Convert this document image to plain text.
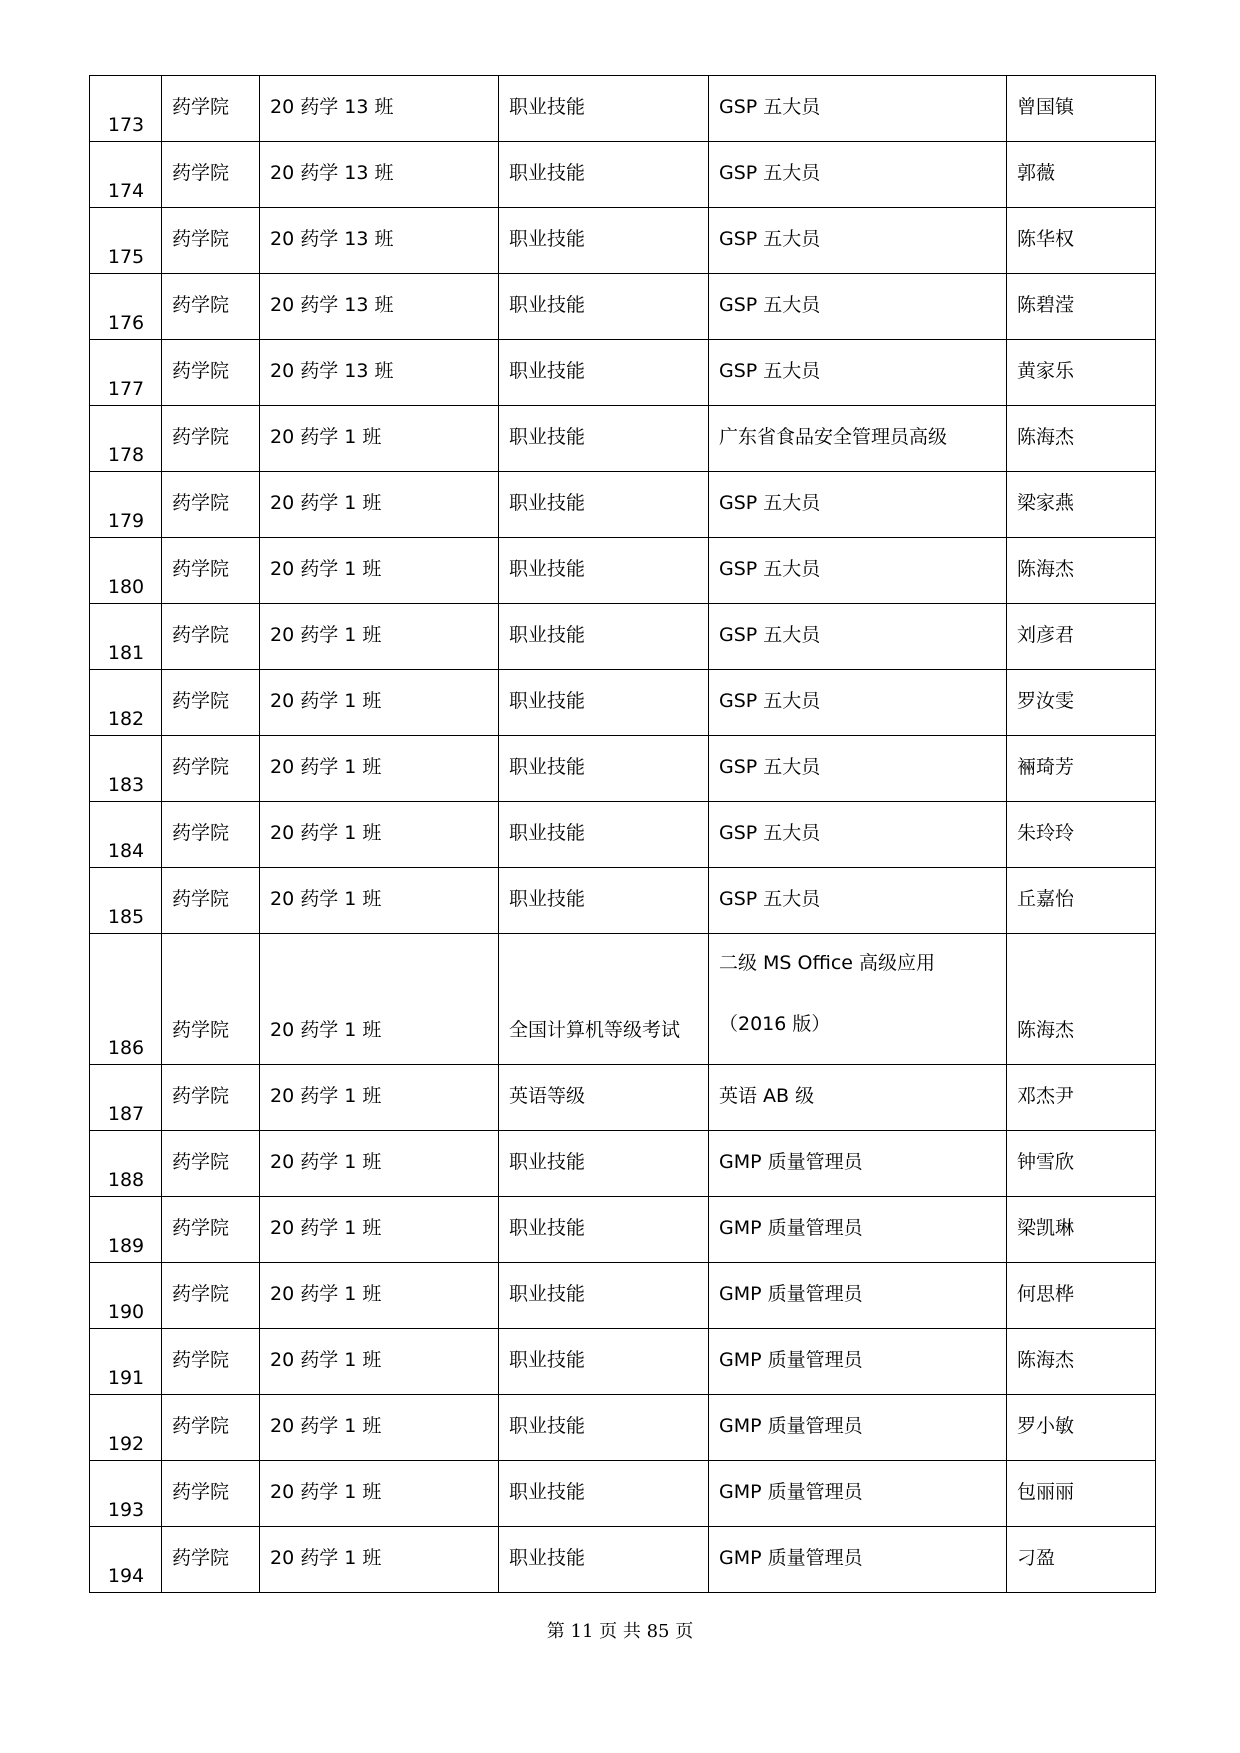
173	药学院	20 药学 13 班	职业技能	GSP 五大员	曾国镇

174	药学院	20 药学 13 班	职业技能	GSP 五大员	郭薇

175	药学院	20 药学 13 班	职业技能	GSP 五大员	陈华权

176	药学院	20 药学 13 班	职业技能	GSP 五大员	陈碧滢

177	药学院	20 药学 13 班	职业技能	GSP 五大员	黄家乐

178	药学院	20 药学 1 班	职业技能	广东省食品安全管理员高级	陈海杰

179	药学院	20 药学 1 班	职业技能	GSP 五大员	梁家燕

180	药学院	20 药学 1 班	职业技能	GSP 五大员	陈海杰

181	药学院	20 药学 1 班	职业技能	GSP 五大员	刘彦君

182	药学院	20 药学 1 班	职业技能	GSP 五大员	罗汝雯

183	药学院	20 药学 1 班	职业技能	GSP 五大员	裲琦芳

184	药学院	20 药学 1 班	职业技能	GSP 五大员	朱玲玲

185	药学院	20 药学 1 班	职业技能	GSP 五大员	丘嘉怡

186	药学院	20 药学 1 班	全国计算机等级考试	二级 MS Office 高级应用
（2016 版）	陈海杰

187	药学院	20 药学 1 班	英语等级	英语 AB 级	邓杰尹

188	药学院	20 药学 1 班	职业技能	GMP 质量管理员	钟雪欣

189	药学院	20 药学 1 班	职业技能	GMP 质量管理员	梁凯琳

190	药学院	20 药学 1 班	职业技能	GMP 质量管理员	何思桦

191	药学院	20 药学 1 班	职业技能	GMP 质量管理员	陈海杰

192	药学院	20 药学 1 班	职业技能	GMP 质量管理员	罗小敏

193	药学院	20 药学 1 班	职业技能	GMP 质量管理员	包丽丽

194	药学院	20 药学 1 班	职业技能	GMP 质量管理员	刁盈
第 11 页 共 85 页
